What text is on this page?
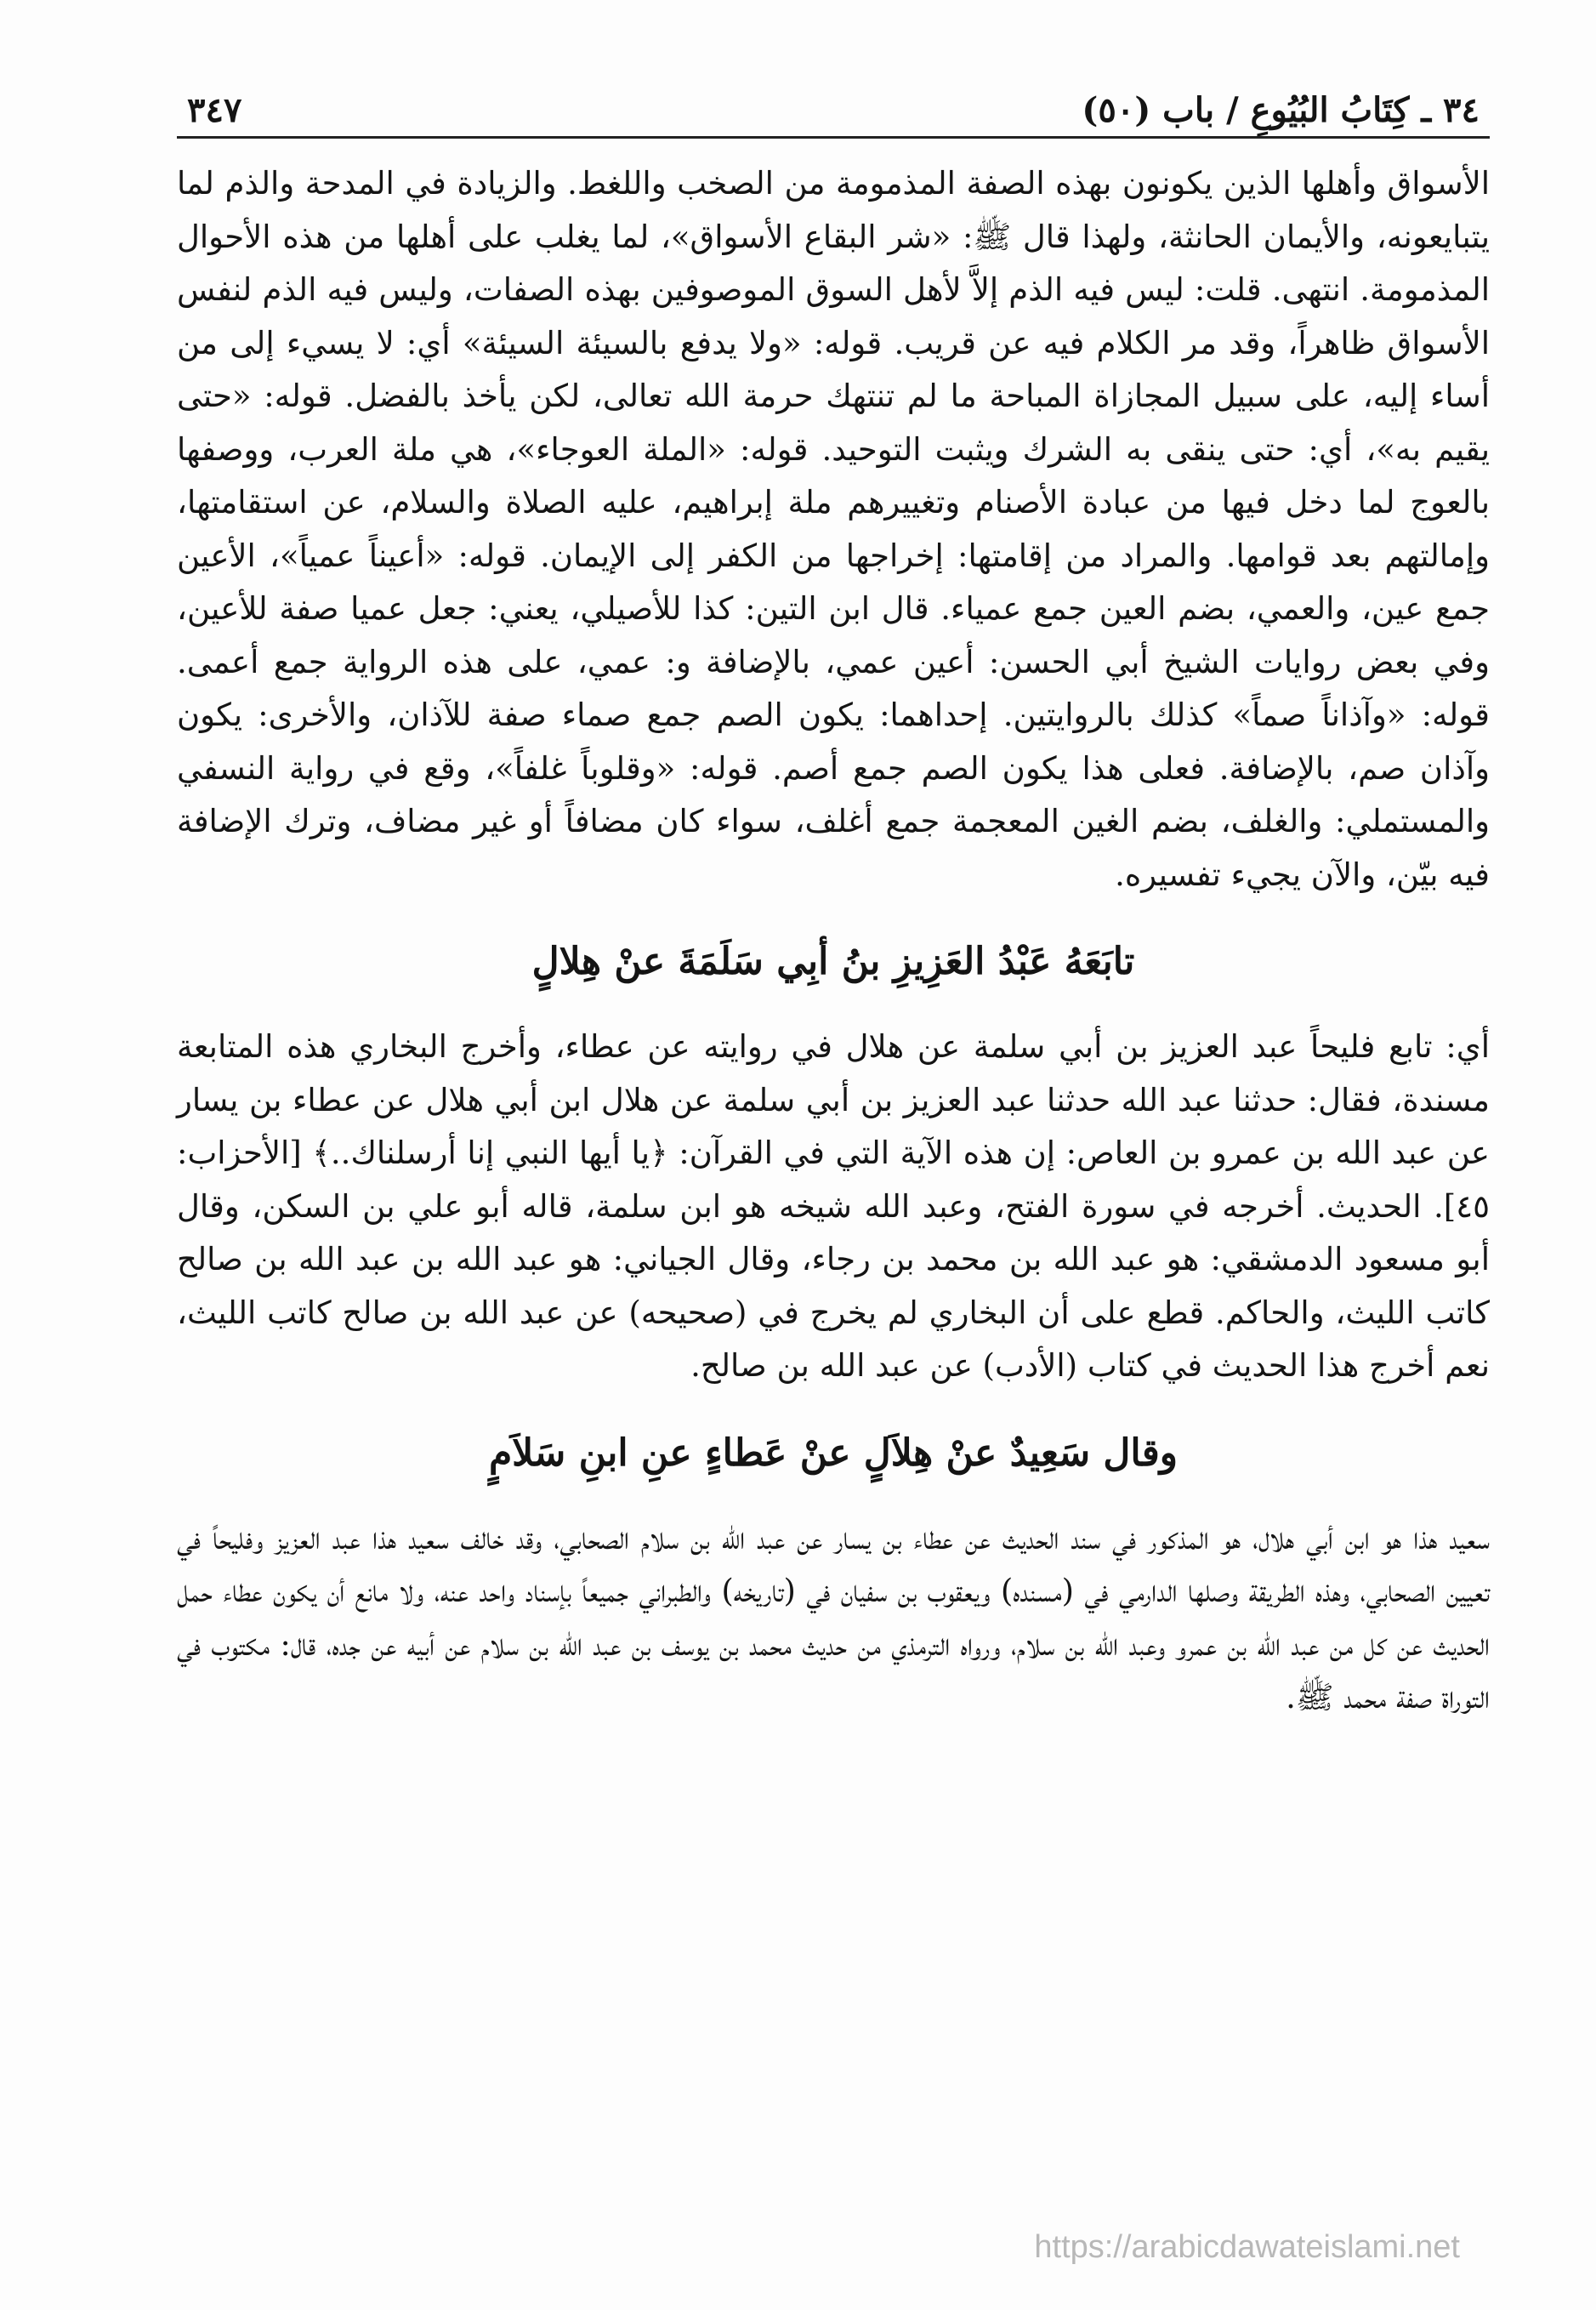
٣٤ ـ كِتَابُ البُيُوعِ / باب (٥٠)
٣٤٧

الأسواق وأهلها الذين يكونون بهذه الصفة المذمومة من الصخب واللغط. والزيادة في المدحة والذم لما يتبايعونه، والأيمان الحانثة، ولهذا قال ﷺ: «شر البقاع الأسواق»، لما يغلب على أهلها من هذه الأحوال المذمومة. انتهى. قلت: ليس فيه الذم إلاَّ لأهل السوق الموصوفين بهذه الصفات، وليس فيه الذم لنفس الأسواق ظاهراً، وقد مر الكلام فيه عن قريب. قوله: «ولا يدفع بالسيئة السيئة» أي: لا يسيء إلى من أساء إليه، على سبيل المجازاة المباحة ما لم تنتهك حرمة الله تعالى، لكن يأخذ بالفضل. قوله: «حتى يقيم به»، أي: حتى ينقى به الشرك ويثبت التوحيد. قوله: «الملة العوجاء»، هي ملة العرب، ووصفها بالعوج لما دخل فيها من عبادة الأصنام وتغييرهم ملة إبراهيم، عليه الصلاة والسلام، عن استقامتها، وإمالتهم بعد قوامها. والمراد من إقامتها: إخراجها من الكفر إلى الإيمان. قوله: «أعيناً عمياً»، الأعين جمع عين، والعمي، بضم العين جمع عمياء. قال ابن التين: كذا للأصيلي، يعني: جعل عميا صفة للأعين، وفي بعض روايات الشيخ أبي الحسن: أعين عمي، بالإضافة و: عمي، على هذه الرواية جمع أعمى. قوله: «وآذاناً صماً» كذلك بالروايتين. إحداهما: يكون الصم جمع صماء صفة للآذان، والأخرى: يكون وآذان صم، بالإضافة. فعلى هذا يكون الصم جمع أصم. قوله: «وقلوباً غلفاً»، وقع في رواية النسفي والمستملي: والغلف، بضم الغين المعجمة جمع أغلف، سواء كان مضافاً أو غير مضاف، وترك الإضافة فيه بيّن، والآن يجيء تفسيره.

تابَعَهُ عَبْدُ العَزِيزِ بنُ أبِي سَلَمَةَ عنْ هِلالٍ

أي: تابع فليحاً عبد العزيز بن أبي سلمة عن هلال في روايته عن عطاء، وأخرج البخاري هذه المتابعة مسندة، فقال: حدثنا عبد الله حدثنا عبد العزيز بن أبي سلمة عن هلال ابن أبي هلال عن عطاء بن يسار عن عبد الله بن عمرو بن العاص: إن هذه الآية التي في القرآن: ﴿يا أيها النبي إنا أرسلناك..﴾ [الأحزاب: ٤٥]. الحديث. أخرجه في سورة الفتح، وعبد الله شيخه هو ابن سلمة، قاله أبو علي بن السكن، وقال أبو مسعود الدمشقي: هو عبد الله بن محمد بن رجاء، وقال الجياني: هو عبد الله بن عبد الله بن صالح كاتب الليث، والحاكم. قطع على أن البخاري لم يخرج في (صحيحه) عن عبد الله بن صالح كاتب الليث، نعم أخرج هذا الحديث في كتاب (الأدب) عن عبد الله بن صالح.

وقال سَعِيدٌ عنْ هِلاَلٍ عنْ عَطاءٍ عنِ ابنِ سَلاَمٍ

سعيد هذا هو ابن أبي هلال، هو المذكور في سند الحديث عن عطاء بن يسار عن عبد الله بن سلام الصحابي، وقد خالف سعيد هذا عبد العزيز وفليحاً في تعيين الصحابي، وهذه الطريقة وصلها الدارمي في (مسنده) ويعقوب بن سفيان في (تاريخه) والطبراني جميعاً بإسناد واحد عنه، ولا مانع أن يكون عطاء حمل الحديث عن كل من عبد الله بن عمرو وعبد الله بن سلام، ورواه الترمذي من حديث محمد بن يوسف بن عبد الله بن سلام عن أبيه عن جده، قال: مكتوب في التوراة صفة محمد ﷺ.

https://arabicdawateislami.net
